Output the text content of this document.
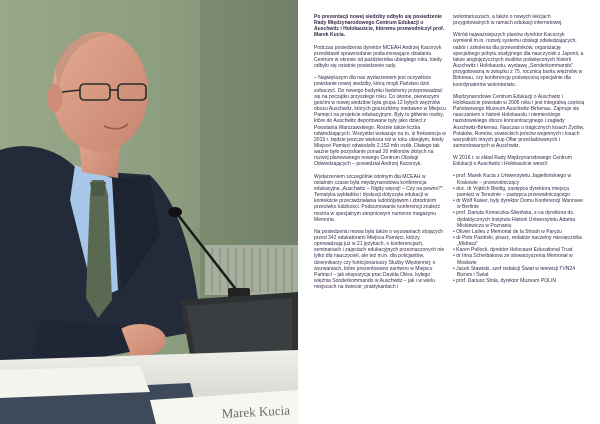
Marek Kucia

Po prezentacji nowej siedziby odbyło się posiedzenie Rady Międzynarodowego Centrum Edukacji o Auschwitz i Holokauście, któremu przewodniczył prof. Marek Kucia.

Podczas posiedzenia dyrektor MCEAH Andrzej Kacorzyk przedstawił sprawozdanie podsumowujące działania Centrum w okresie od października ubiegłego roku, kiedy odbyło się ostatnie posiedzenie rady.

– Największym dla nas wydarzeniem jest oczywiście powstanie nowej siedziby, którą mogli Państwo dziś zobaczyć. Do nowego budynku będziemy przeprowadzać się na początku przyszłego roku. Co istotne, pierwszymi gośćmi w nowej siedzibie była grupa 12 byłych więźniów obozu Auschwitz, których goszczliśmy niedawno w Miejscu Pamięci na projekcie edukacyjnym. Były to głównie osoby, które do Auschwitz deportowane były jako dzieci z Powstania Warszawskiego. Rośnie także liczba odwiedzających. Wszystko wskazuje na to, iż frekwencja w 2019 r. będzie jeszcze większa niż w roku ubiegłym, kiedy Miejsce Pamięci odwiedziło 2,152 mln osób. Dlatego tak ważne było pozyskanie ponad 20 milionów złotych na rozwój planowanego nowego Centrum Obsługi Odwiedzających – powiedział Andrzej Kacorzyk.

Wydarzeniem szczególnie istotnym dla MCEAH w ostatnim czasie była międzynarodowa konferencja edukacyjna „Auschwitz – Nigdy więcej! – Czy na pewno?”. Tematyka wykładów i dyskusji dotyczyła edukacji w kontekście przeciwdziałania ludobójstwom i zbrodniom przeciwko ludzkości. Podsumowanie konferencji znaleźć można w specjalnym zierpniowym numerze magazynu Memoria.

Na posiedzeniu mowa była także o wyzwaniach stojących przed 342 edukatorami Miejsca Pamięci, którzy oprowadzają już w 21 językach, o konferencjach, seminariach i zajęciach edukacyjnych przeznaczonych nie tylko dla nauczycieli, ale też m.in. dla policjantów, dziennikarzy czy funkcjonariuszy Służby Więziennej; o wyzwaniach, które prezentowano zarówno w Miejscu Pamięci – jak ekspozycja prac Davida Oléra, byłego więźnia Sonderkommando w Auschwitz – jak i w wielu miejscach na świecie; praktykantach i

wolontariuszach, a także o nowych lekcjach przygotowanych w ramach edukacji internetowej.

Wśród najważniejszych planów dyrektor Kacorzyk wymienił m.in. rozwój systemu obsługi odwiedzających, nabór i szkolenia dla przewodników, organizację specjalnego pobytu studyjnego dla nauczycieli z Japonii, a także anglojęzycznych studiów poświęconych historii Auschwitz i Holokaustu, wystawę „Sonderkommando” przygotowaną w związku z 75. rocznicą buntu więźniów w Birkenau, czy konferencję poświęconą specjalnie dla koordynatorów wolontariatu.

Międzynarodowe Centrum Edukacji o Auschwitz i Holokauście powstało w 2005 roku i jest integralną częścią Państwowego Muzeum Auschwitz-Birkenau. Zajmuje się nauczaniem o historii Holokaustu i niemieckiego nazistowskiego obozu koncentracyjnego i zagłady Auschwitz-Birkenau. Nauczas o tragicznych losach Żydów, Polaków, Romów, sowieckich jeńców wojennych i losach wszystkich innych grup Ofiar prześladowanych i zamordowanych w Auschwitz.

W 2016 r. w skład Rady Międzynarodowego Centrum Edukacji o Auschwitz i Holokauście weszli:

• prof. Marek Kucia z Uniwersytetu Jagiellońskiego w Krakowie – przewodniczący
• doc. dr Vojtěch Blodig, zastępca dyrektora miejsca pamięci w Terezinie – zastępca przewodniczącego
• dr Wolf Kaiser, były dyrektor Domu Konferencji Wannsee w Berlinie
• prof. Danuta Konieczka-Śliwińska, z-ca dyrektora ds. dydaktycznych Instytutu Historii Uniwersytetu Adama Mickiewicza w Poznaniu
• Olivier Lalieu z Memorial de la Shoah w Paryżu
• dr Piotr Paziński, pisarz, redaktor naczelny miesięcznika „Midrasz”
• Karen Pollock, dyrektor Holocaust Educational Trust
• dr Irina Scherbakova ze stowarzyszenia Memoriał w Moskwie
• Jacek Stawiski, szef redakcji Świat w telewizji TVN24 Biznes i Świat
• prof. Dariusz Stola, dyrektor Muzeum POLIN
